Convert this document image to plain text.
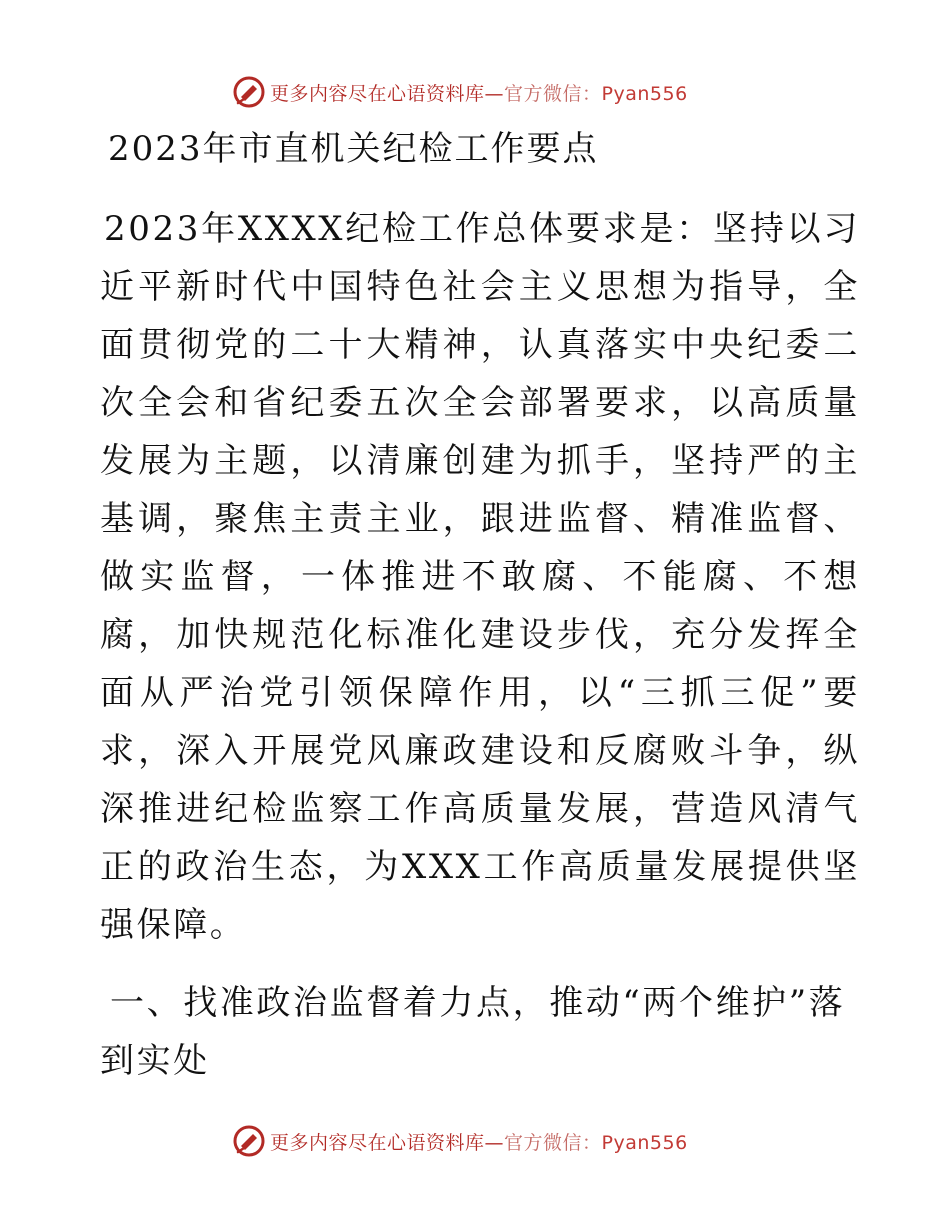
更多内容尽在心语资料库—官方微信：Pyan556
2023年市直机关纪检工作要点

2023年XXXX纪检工作总体要求是：坚持以习近平新时代中国特色社会主义思想为指导，全面贯彻党的二十大精神，认真落实中央纪委二次全会和省纪委五次全会部署要求，以高质量发展为主题，以清廉创建为抓手，坚持严的主基调，聚焦主责主业，跟进监督、精准监督、做实监督，一体推进不敢腐、不能腐、不想腐，加快规范化标准化建设步伐，充分发挥全面从严治党引领保障作用，以“三抓三促”要求，深入开展党风廉政建设和反腐败斗争，纵深推进纪检监察工作高质量发展，营造风清气正的政治生态，为XXX工作高质量发展提供坚强保障。

一、找准政治监督着力点，推动“两个维护”落到实处
更多内容尽在心语资料库—官方微信：Pyan556
